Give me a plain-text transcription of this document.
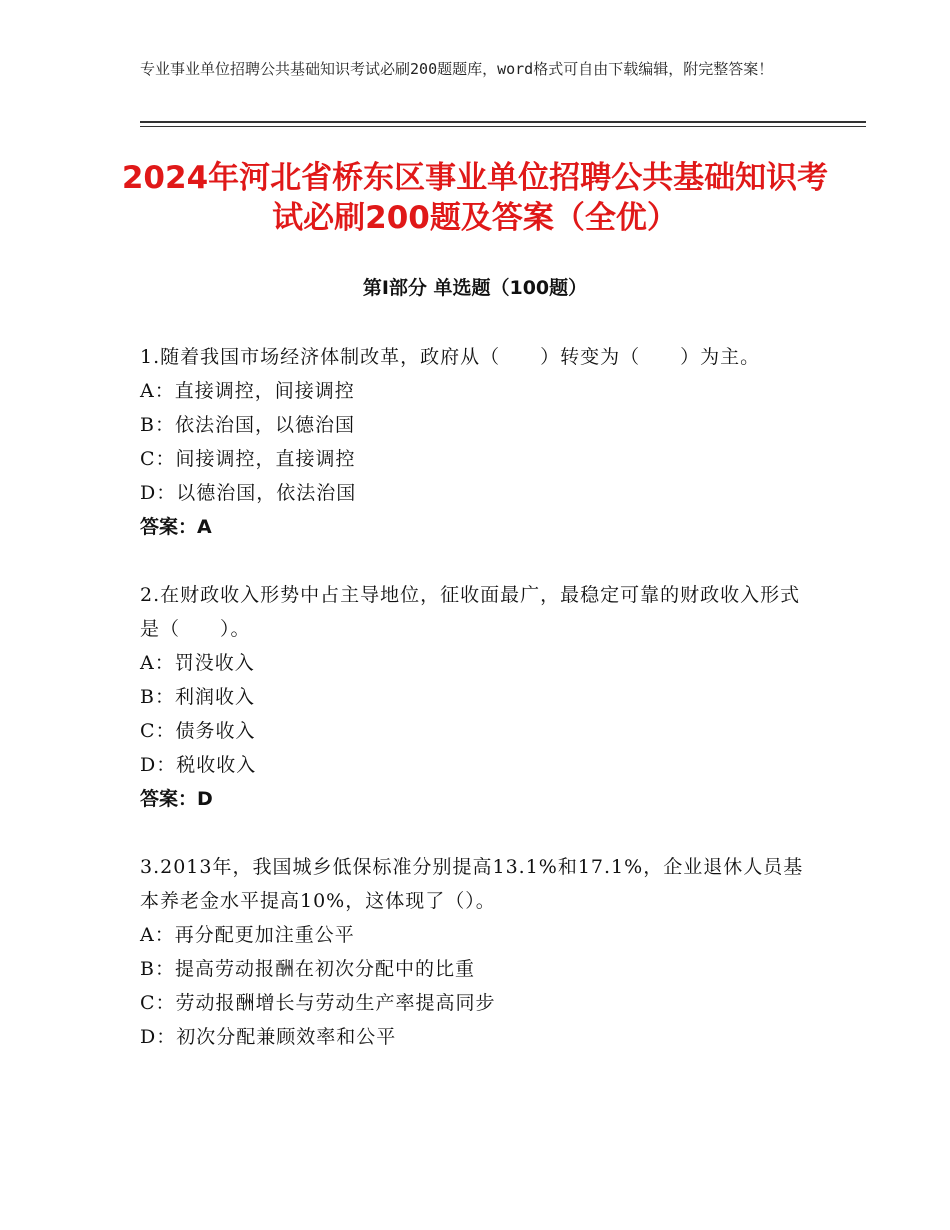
专业事业单位招聘公共基础知识考试必刷200题题库，word格式可自由下载编辑，附完整答案！
2024年河北省桥东区事业单位招聘公共基础知识考试必刷200题及答案（全优）
第Ⅰ部分 单选题（100题）

1.随着我国市场经济体制改革，政府从（　　）转变为（　　）为主。

A：直接调控，间接调控

B：依法治国，以德治国

C：间接调控，直接调控

D：以德治国，依法治国

答案：A

2.在财政收入形势中占主导地位，征收面最广，最稳定可靠的财政收入形式是（　　）。

A：罚没收入

B：利润收入

C：债务收入

D：税收收入

答案：D

3.2013年，我国城乡低保标准分别提高13.1%和17.1%，企业退休人员基本养老金水平提高10%，这体现了（）。

A：再分配更加注重公平

B：提高劳动报酬在初次分配中的比重

C：劳动报酬增长与劳动生产率提高同步

D：初次分配兼顾效率和公平
